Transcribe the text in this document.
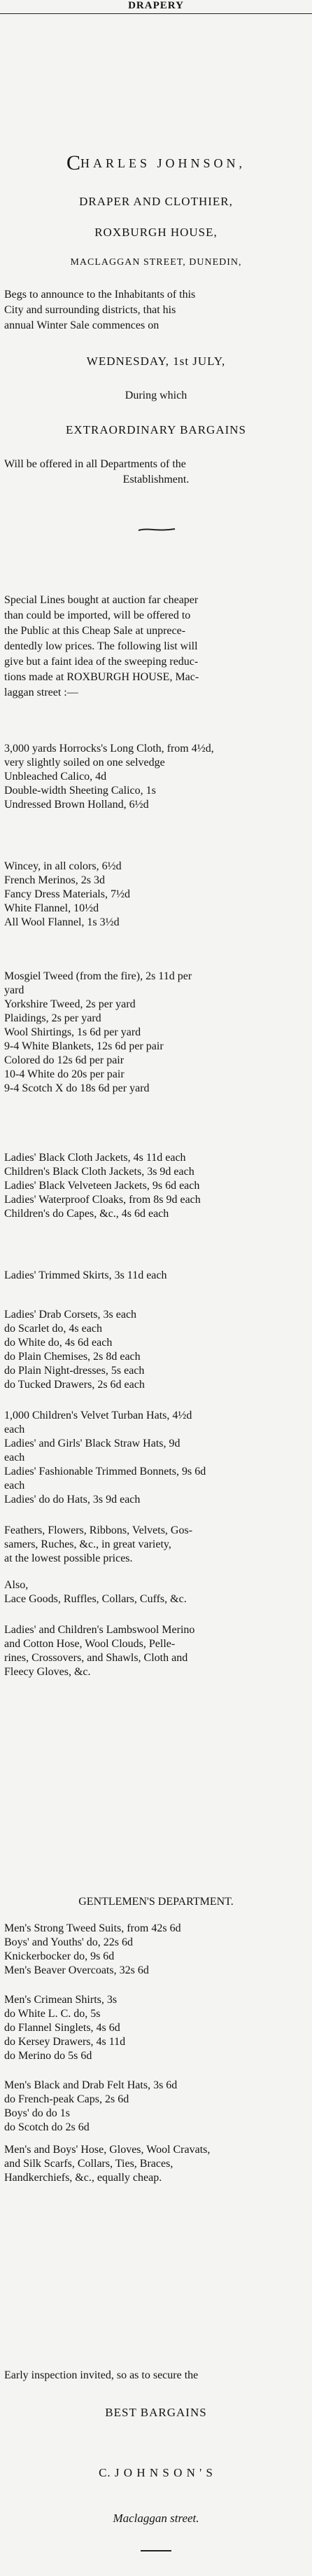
DRAPERY
CHARLES JOHNSON,
DRAPER AND CLOTHIER,
ROXBURGH HOUSE,
MACLAGGAN STREET, DUNEDIN,
Begs to announce to the Inhabitants of this
City and surrounding districts, that his
annual Winter Sale commences on
WEDNESDAY, 1st JULY,
During which
EXTRAORDINARY BARGAINS
Will be offered in all Departments of the
Establishment.
Special Lines bought at auction far cheaper
than could be imported, will be offered to
the Public at this Cheap Sale at unprece-
dentedly low prices. The following list will
give but a faint idea of the sweeping reduc-
tions made at ROXBURGH HOUSE, Mac-
laggan street :—
3,000 yards Horrocks's Long Cloth, from 4½d,
very slightly soiled on one selvedge
Unbleached Calico, 4d
Double-width Sheeting Calico, 1s
Undressed Brown Holland, 6½d
Wincey, in all colors, 6½d
French Merinos, 2s 3d
Fancy Dress Materials, 7½d
White Flannel, 10½d
All Wool Flannel, 1s 3½d
Mosgiel Tweed (from the fire), 2s 11d per
yard
Yorkshire Tweed, 2s per yard
Plaidings, 2s per yard
Wool Shirtings, 1s 6d per yard
9-4 White Blankets, 12s 6d per pair
Colored do 12s 6d per pair
10-4 White do 20s per pair
9-4 Scotch X do 18s 6d per yard
Ladies' Black Cloth Jackets, 4s 11d each
Children's Black Cloth Jackets, 3s 9d each
Ladies' Black Velveteen Jackets, 9s 6d each
Ladies' Waterproof Cloaks, from 8s 9d each
Children's do Capes, &c., 4s 6d each
Ladies' Trimmed Skirts, 3s 11d each
Ladies' Drab Corsets, 3s each
do Scarlet do, 4s each
do White do, 4s 6d each
do Plain Chemises, 2s 8d each
do Plain Night-dresses, 5s each
do Tucked Drawers, 2s 6d each
1,000 Children's Velvet Turban Hats, 4½d
each
Ladies' and Girls' Black Straw Hats, 9d
each
Ladies' Fashionable Trimmed Bonnets, 9s 6d
each
Ladies' do do Hats, 3s 9d each
Feathers, Flowers, Ribbons, Velvets, Gos-
samers, Ruches, &c., in great variety,
at the lowest possible prices.
Also,
Lace Goods, Ruffles, Collars, Cuffs, &c.
Ladies' and Children's Lambswool Merino
and Cotton Hose, Wool Clouds, Pelle-
rines, Crossovers, and Shawls, Cloth and
Fleecy Gloves, &c.
GENTLEMEN'S DEPARTMENT.
Men's Strong Tweed Suits, from 42s 6d
Boys' and Youths' do, 22s 6d
Knickerbocker do, 9s 6d
Men's Beaver Overcoats, 32s 6d
Men's Crimean Shirts, 3s
do White L. C. do, 5s
do Flannel Singlets, 4s 6d
do Kersey Drawers, 4s 11d
do Merino do 5s 6d
Men's Black and Drab Felt Hats, 3s 6d
do French-peak Caps, 2s 6d
Boys' do do 1s
do Scotch do 2s 6d
Men's and Boys' Hose, Gloves, Wool Cravats,
and Silk Scarfs, Collars, Ties, Braces,
Handkerchiefs, &c., equally cheap.
Early inspection invited, so as to secure the
BEST BARGAINS
C. J O H N S O N ' S
Maclaggan street.
